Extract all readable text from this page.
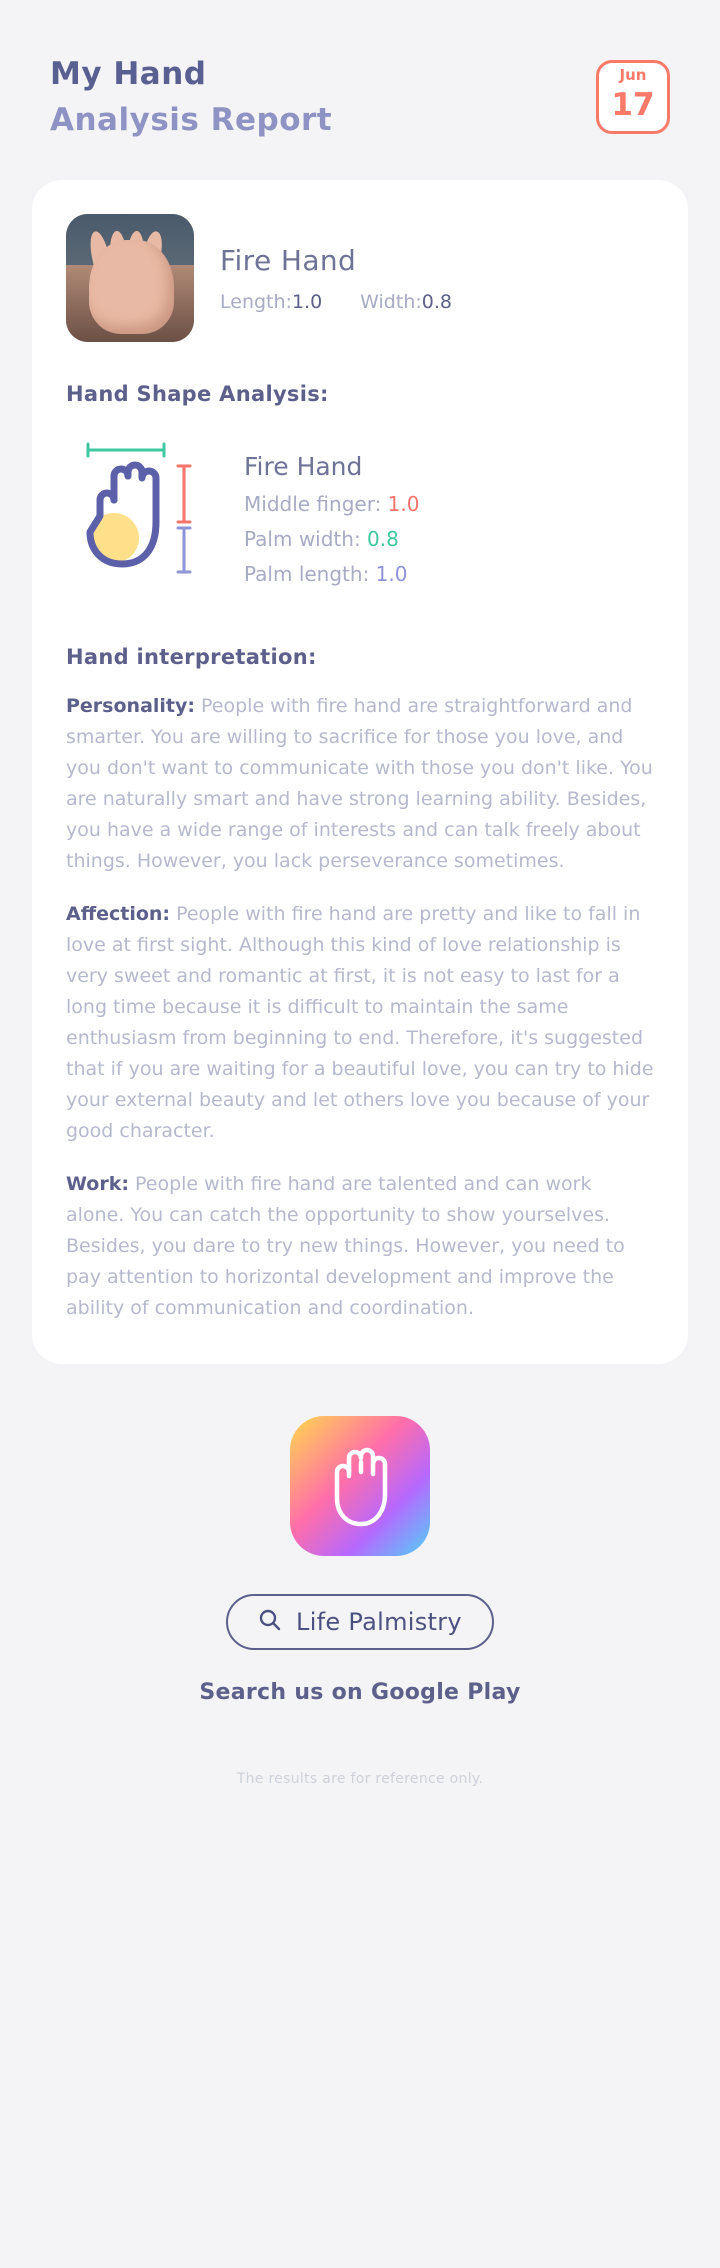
My Hand
Analysis Report
Jun
17
Fire Hand
Length:1.0 Width:0.8
Hand Shape Analysis:
Fire Hand
Middle finger: 1.0
Palm width: 0.8
Palm length: 1.0
Hand interpretation:

Personality: People with fire hand are straightforward and smarter. You are willing to sacrifice for those you love, and you don't want to communicate with those you don't like. You are naturally smart and have strong learning ability. Besides, you have a wide range of interests and can talk freely about things. However, you lack perseverance sometimes.

Affection: People with fire hand are pretty and like to fall in love at first sight. Although this kind of love relationship is very sweet and romantic at first, it is not easy to last for a long time because it is difficult to maintain the same enthusiasm from beginning to end. Therefore, it's suggested that if you are waiting for a beautiful love, you can try to hide your external beauty and let others love you because of your good character.

Work: People with fire hand are talented and can work alone. You can catch the opportunity to show yourselves. Besides, you dare to try new things. However, you need to pay attention to horizontal development and improve the ability of communication and coordination.

Life Palmistry
Search us on Google Play
The results are for reference only.
